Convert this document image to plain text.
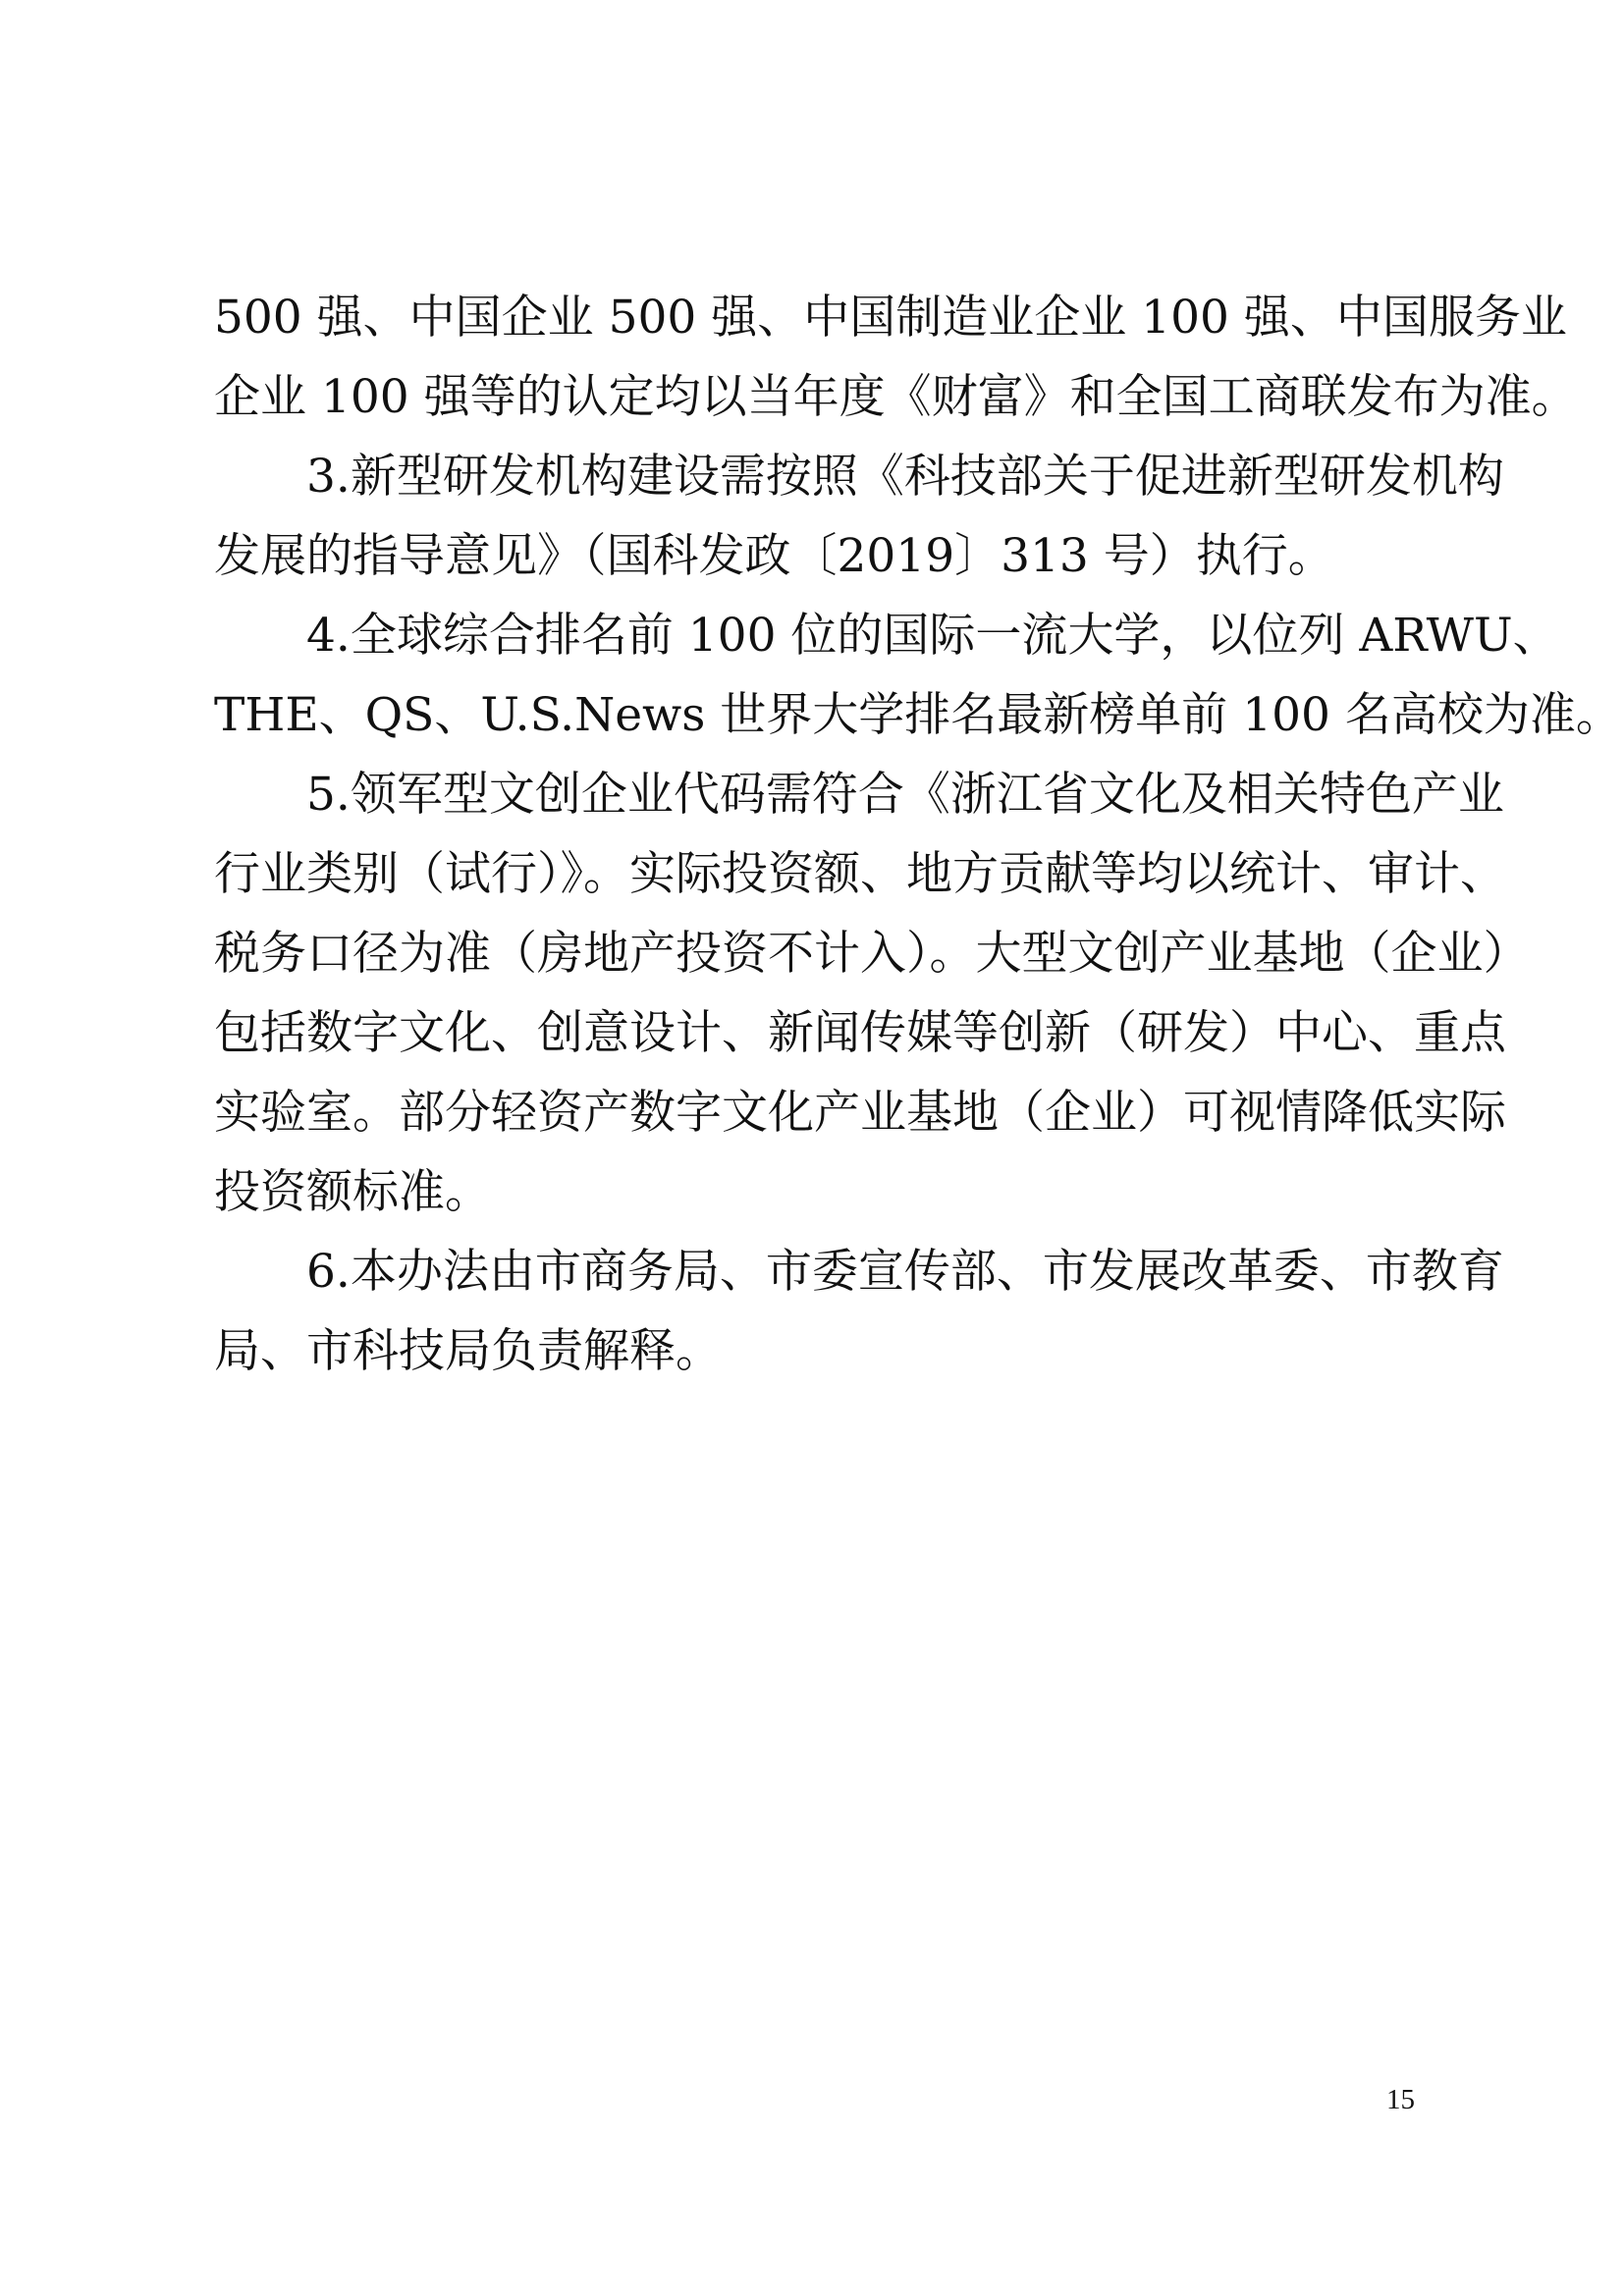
500 强、中国企业 500 强、中国制造业企业 100 强、中国服务业
企业 100 强等的认定均以当年度《财富》和全国工商联发布为准。
　　3.新型研发机构建设需按照《科技部关于促进新型研发机构
发展的指导意见》（国科发政〔2019〕313 号）执行。
　　4.全球综合排名前 100 位的国际一流大学，以位列 ARWU、
THE、QS、U.S.News 世界大学排名最新榜单前 100 名高校为准。
　　5.领军型文创企业代码需符合《浙江省文化及相关特色产业
行业类别（试行）》。实际投资额、地方贡献等均以统计、审计、
税务口径为准（房地产投资不计入）。大型文创产业基地（企业）
包括数字文化、创意设计、新闻传媒等创新（研发）中心、重点
实验室。部分轻资产数字文化产业基地（企业）可视情降低实际
投资额标准。
　　6.本办法由市商务局、市委宣传部、市发展改革委、市教育
局、市科技局负责解释。
15
